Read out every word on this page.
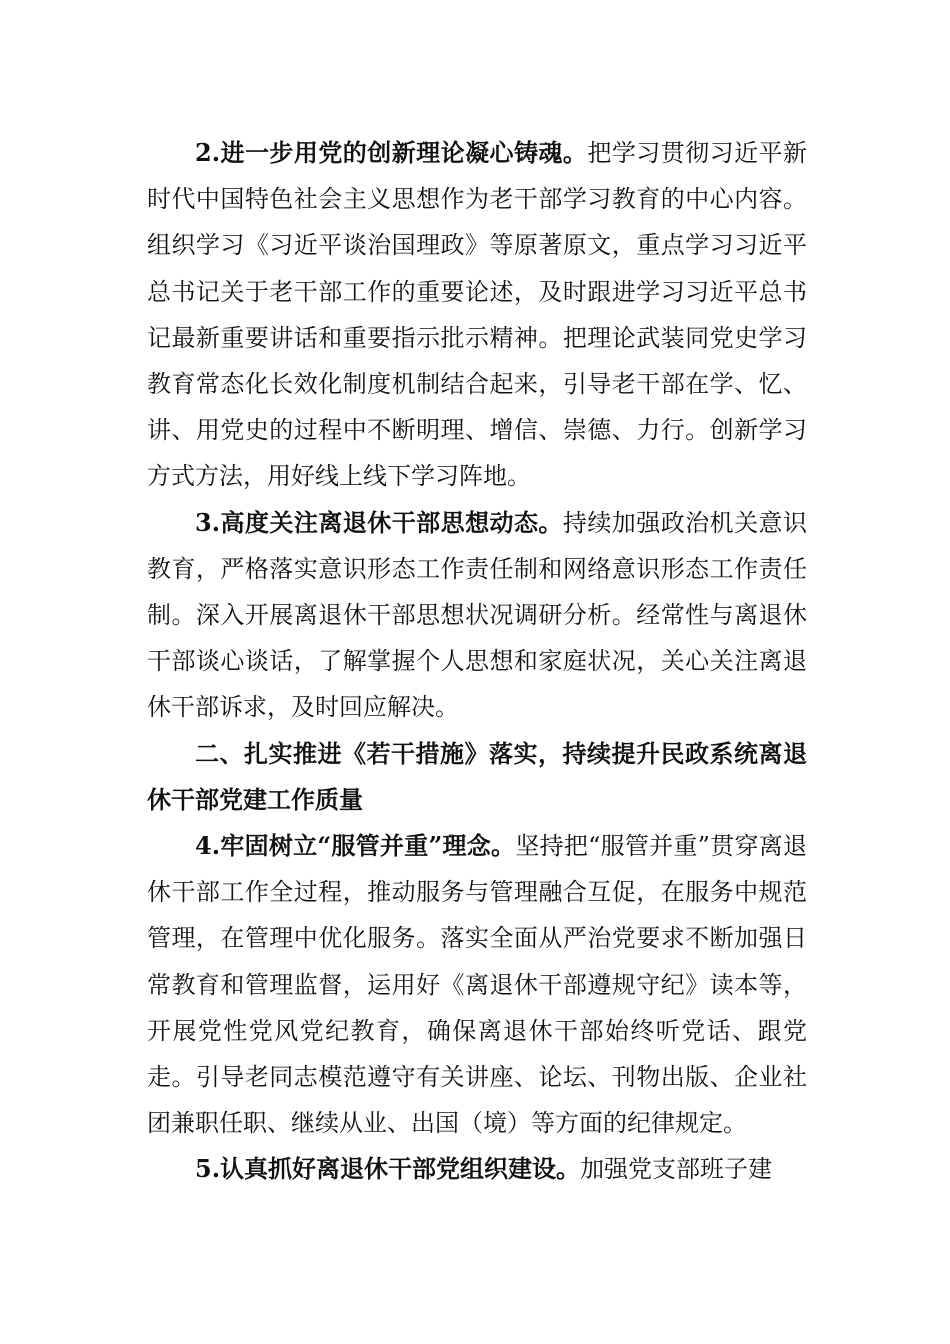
2.进一步用党的创新理论凝心铸魂。把学习贯彻习近平新时代中国特色社会主义思想作为老干部学习教育的中心内容。组织学习《习近平谈治国理政》等原著原文，重点学习习近平总书记关于老干部工作的重要论述，及时跟进学习习近平总书记最新重要讲话和重要指示批示精神。把理论武装同党史学习教育常态化长效化制度机制结合起来，引导老干部在学、忆、讲、用党史的过程中不断明理、增信、崇德、力行。创新学习方式方法，用好线上线下学习阵地。

3.高度关注离退休干部思想动态。持续加强政治机关意识教育，严格落实意识形态工作责任制和网络意识形态工作责任制。深入开展离退休干部思想状况调研分析。经常性与离退休干部谈心谈话，了解掌握个人思想和家庭状况，关心关注离退休干部诉求，及时回应解决。

二、扎实推进《若干措施》落实，持续提升民政系统离退休干部党建工作质量

4.牢固树立“服管并重”理念。坚持把“服管并重”贯穿离退休干部工作全过程，推动服务与管理融合互促，在服务中规范管理，在管理中优化服务。落实全面从严治党要求不断加强日常教育和管理监督，运用好《离退休干部遵规守纪》读本等，开展党性党风党纪教育，确保离退休干部始终听党话、跟党走。引导老同志模范遵守有关讲座、论坛、刊物出版、企业社团兼职任职、继续从业、出国（境）等方面的纪律规定。

5.认真抓好离退休干部党组织建设。加强党支部班子建
